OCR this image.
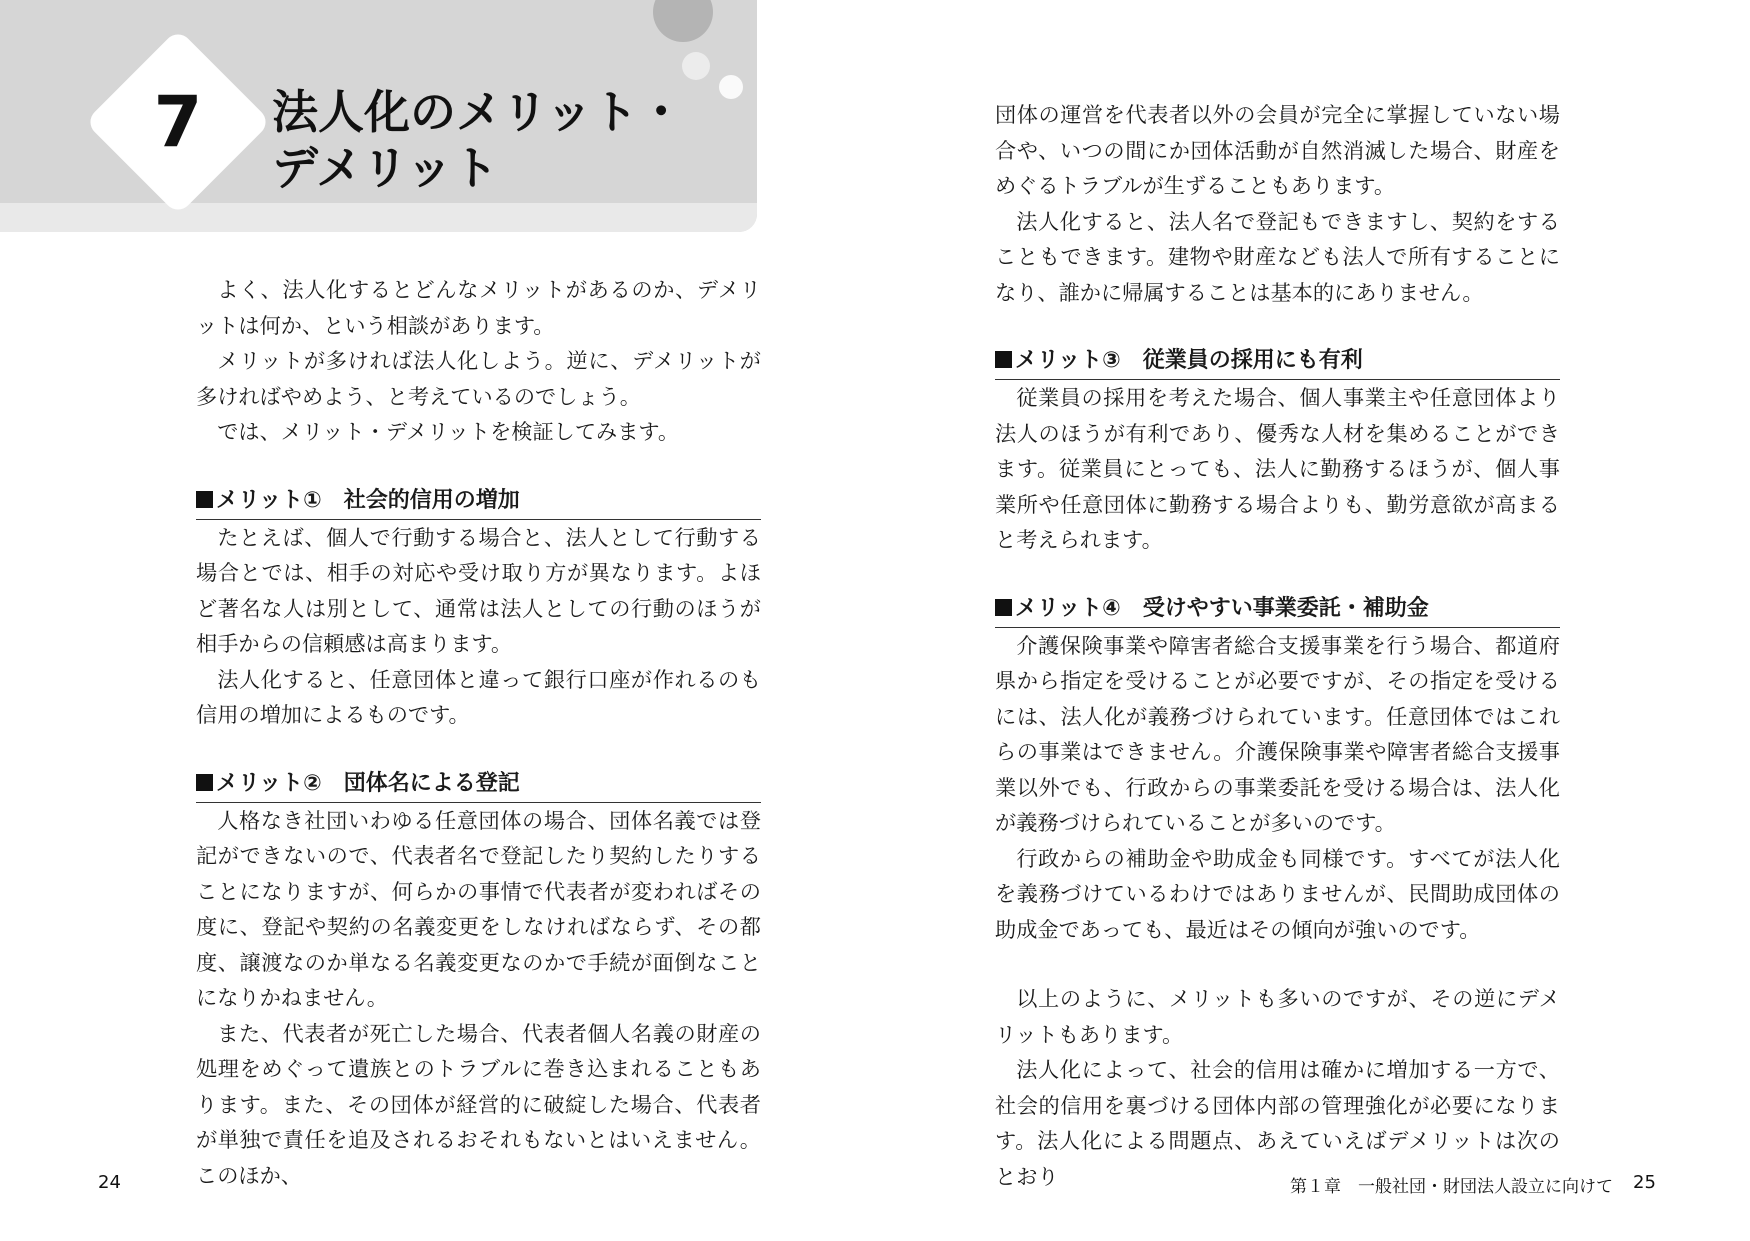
7	法人化のメリット・
デメリット

よく、法人化するとどんなメリットがあるのか、デメリットは何か、という相談があります。

メリットが多ければ法人化しよう。逆に、デメリットが多ければやめよう、と考えているのでしょう。

では、メリット・デメリットを検証してみます。

メリット①　社会的信用の増加

たとえば、個人で行動する場合と、法人として行動する場合とでは、相手の対応や受け取り方が異なります。よほど著名な人は別として、通常は法人としての行動のほうが相手からの信頼感は高まります。

法人化すると、任意団体と違って銀行口座が作れるのも信用の増加によるものです。

メリット②　団体名による登記

人格なき社団いわゆる任意団体の場合、団体名義では登記ができないので、代表者名で登記したり契約したりすることになりますが、何らかの事情で代表者が変わればその度に、登記や契約の名義変更をしなければならず、その都度、譲渡なのか単なる名義変更なのかで手続が面倒なことになりかねません。

また、代表者が死亡した場合、代表者個人名義の財産の処理をめぐって遺族とのトラブルに巻き込まれることもあります。また、その団体が経営的に破綻した場合、代表者が単独で責任を追及されるおそれもないとはいえません。このほか、

団体の運営を代表者以外の会員が完全に掌握していない場合や、いつの間にか団体活動が自然消滅した場合、財産をめぐるトラブルが生ずることもあります。

法人化すると、法人名で登記もできますし、契約をすることもできます。建物や財産なども法人で所有することになり、誰かに帰属することは基本的にありません。

メリット③　従業員の採用にも有利

従業員の採用を考えた場合、個人事業主や任意団体より法人のほうが有利であり、優秀な人材を集めることができます。従業員にとっても、法人に勤務するほうが、個人事業所や任意団体に勤務する場合よりも、勤労意欲が高まると考えられます。

メリット④　受けやすい事業委託・補助金

介護保険事業や障害者総合支援事業を行う場合、都道府県から指定を受けることが必要ですが、その指定を受けるには、法人化が義務づけられています。任意団体ではこれらの事業はできません。介護保険事業や障害者総合支援事業以外でも、行政からの事業委託を受ける場合は、法人化が義務づけられていることが多いのです。

行政からの補助金や助成金も同様です。すべてが法人化を義務づけているわけではありませんが、民間助成団体の助成金であっても、最近はその傾向が強いのです。

以上のように、メリットも多いのですが、その逆にデメリットもあります。

法人化によって、社会的信用は確かに増加する一方で、社会的信用を裏づける団体内部の管理強化が必要になります。法人化による問題点、あえていえばデメリットは次のとおり

24	第１章　一般社団・財団法人設立に向けて 25
